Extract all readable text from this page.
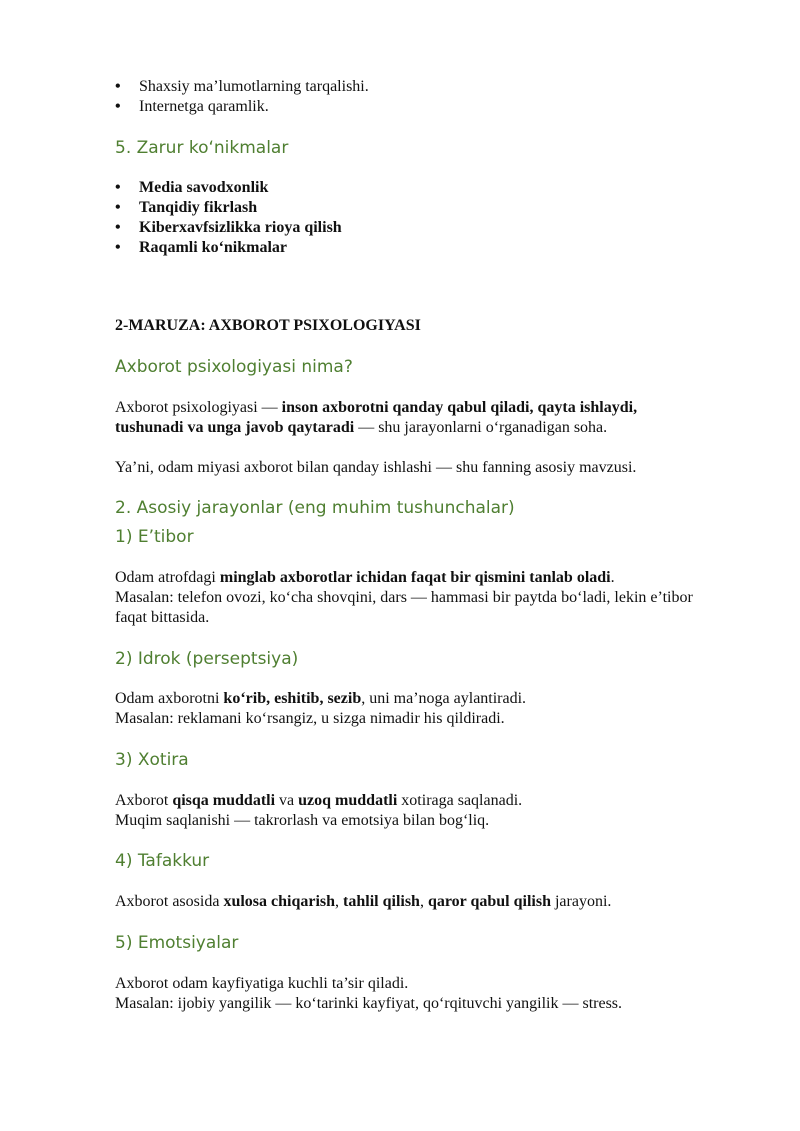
• Shaxsiy ma’lumotlarning tarqalishi.
• Internetga qaramlik.
5. Zarur ko‘nikmalar
• Media savodxonlik
• Tanqidiy fikrlash
• Kiberxavfsizlikka rioya qilish
• Raqamli ko‘nikmalar
2-MARUZA: AXBOROT PSIXOLOGIYASI
Axborot psixologiyasi nima?

Axborot psixologiyasi — inson axborotni qanday qabul qiladi, qayta ishlaydi, tushunadi va unga javob qaytaradi — shu jarayonlarni o‘rganadigan soha.

Ya’ni, odam miyasi axborot bilan qanday ishlashi — shu fanning asosiy mavzusi.

2. Asosiy jarayonlar (eng muhim tushunchalar)
1) E’tibor

Odam atrofdagi minglab axborotlar ichidan faqat bir qismini tanlab oladi.
Masalan: telefon ovozi, ko‘cha shovqini, dars — hammasi bir paytda bo‘ladi, lekin e’tibor faqat bittasida.

2) Idrok (perseptsiya)

Odam axborotni ko‘rib, eshitib, sezib, uni ma’noga aylantiradi.
Masalan: reklamani ko‘rsangiz, u sizga nimadir his qildiradi.

3) Xotira

Axborot qisqa muddatli va uzoq muddatli xotiraga saqlanadi.
Muqim saqlanishi — takrorlash va emotsiya bilan bog‘liq.

4) Tafakkur

Axborot asosida xulosa chiqarish, tahlil qilish, qaror qabul qilish jarayoni.

5) Emotsiyalar

Axborot odam kayfiyatiga kuchli ta’sir qiladi.
Masalan: ijobiy yangilik — ko‘tarinki kayfiyat, qo‘rqituvchi yangilik — stress.
